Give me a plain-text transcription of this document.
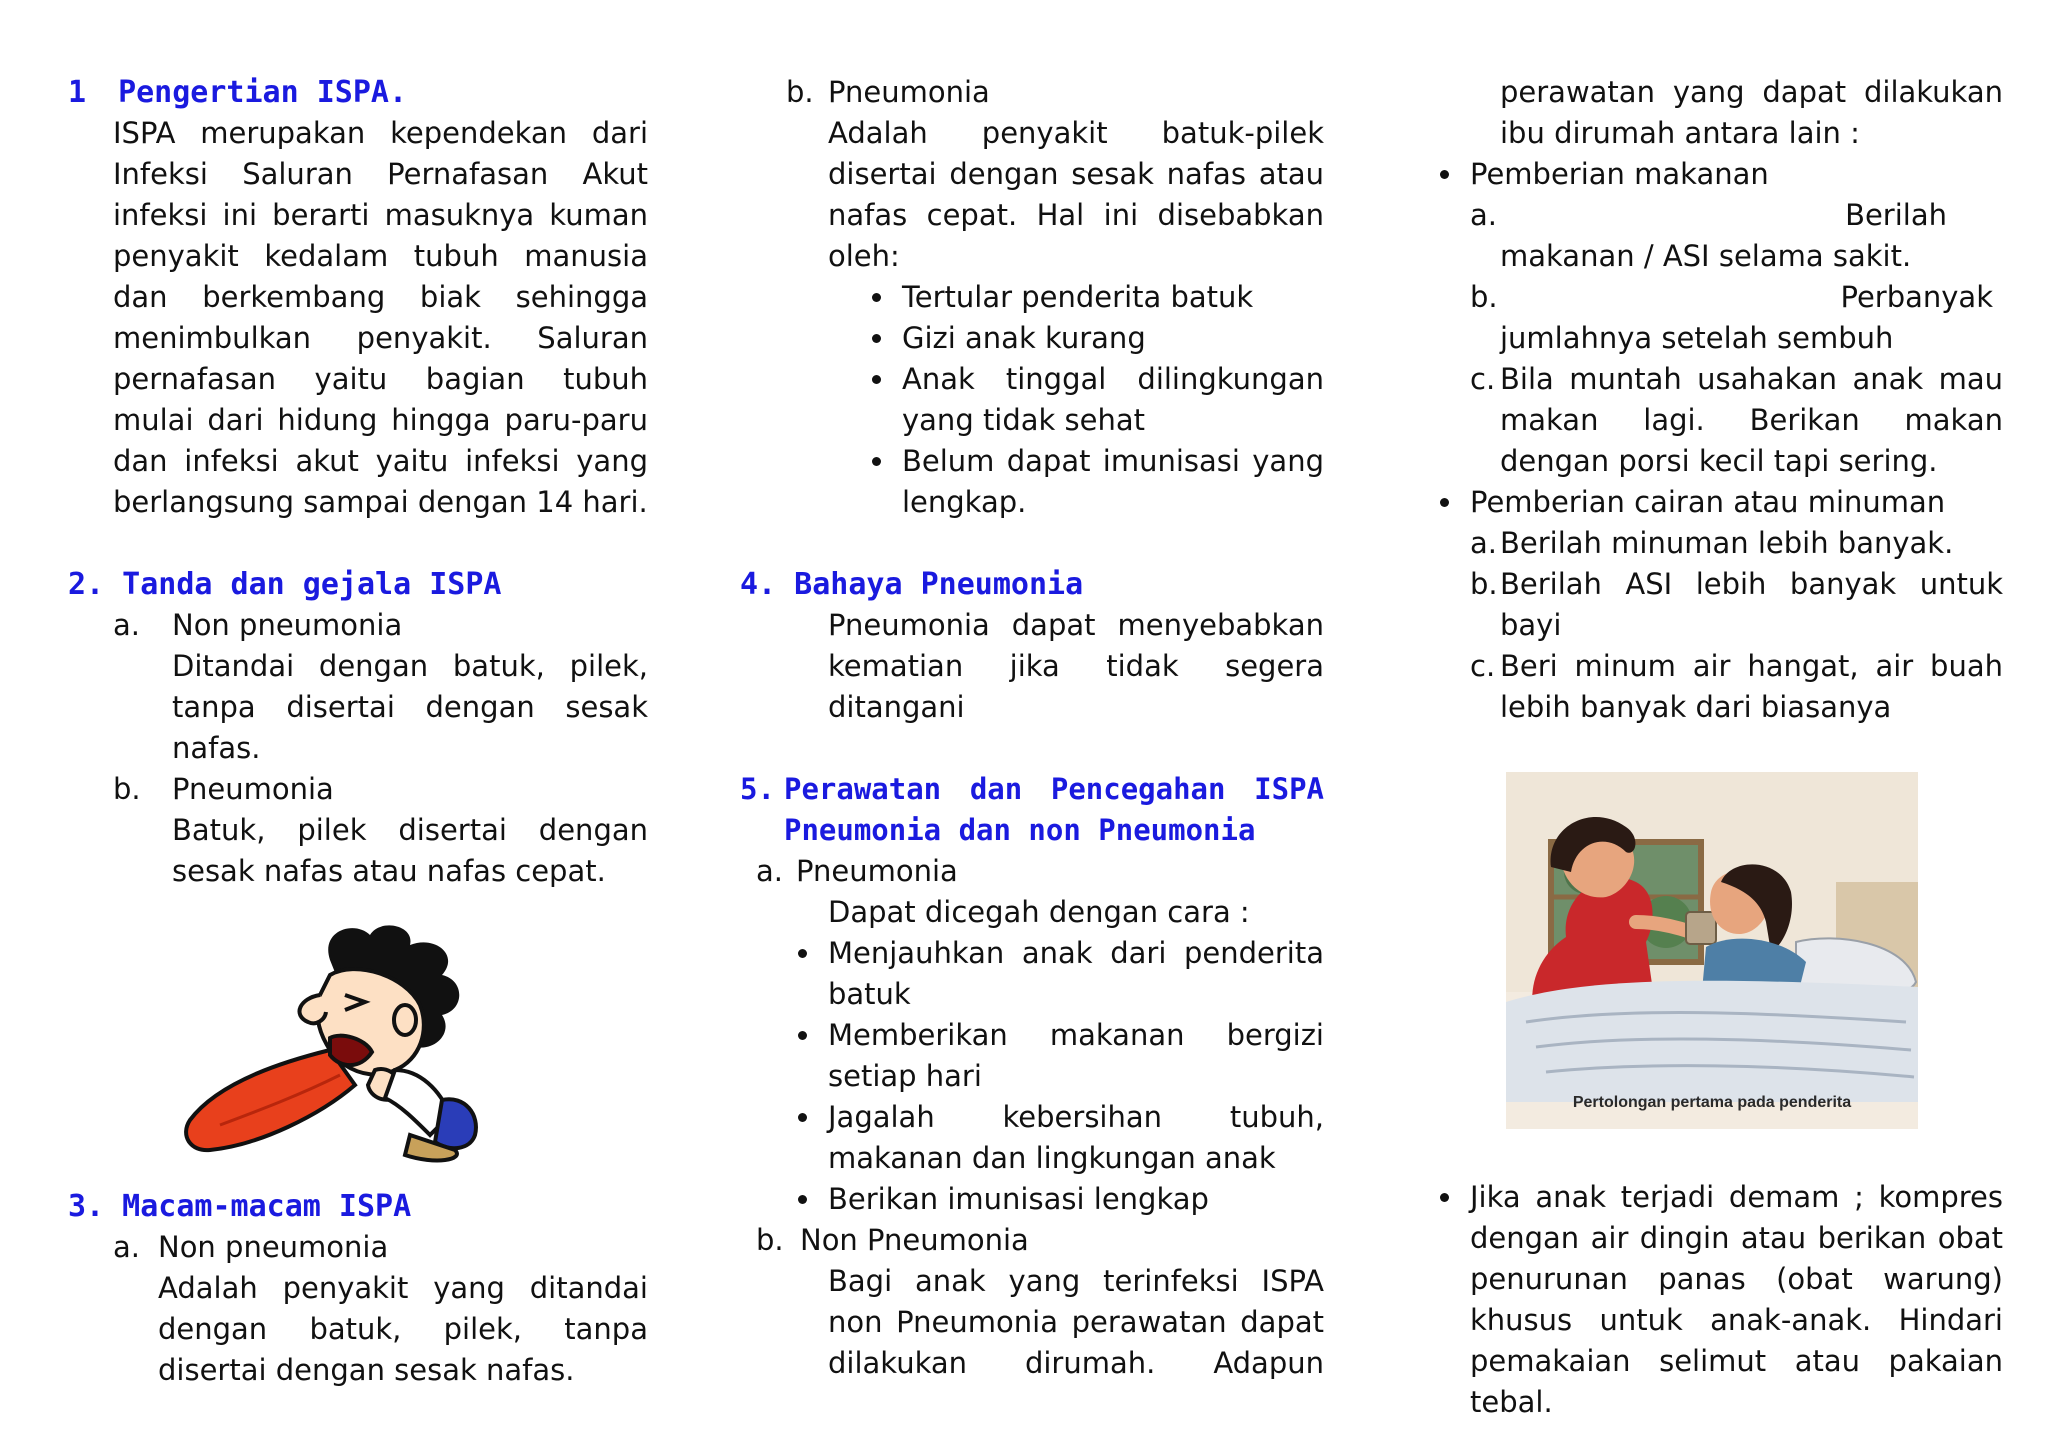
1 Pengertian ISPA.
ISPA merupakan kependekan dari Infeksi Saluran Pernafasan Akut infeksi ini berarti masuknya kuman penyakit kedalam tubuh manusia dan berkembang biak sehingga menimbulkan penyakit. Saluran pernafasan yaitu bagian tubuh mulai dari hidung hingga paru-paru dan infeksi akut yaitu infeksi yang berlangsung sampai dengan 14 hari.
2. Tanda dan gejala ISPA
a.	Non pneumonia
Ditandai dengan batuk, pilek, tanpa disertai dengan sesak nafas.
b.	Pneumonia
Batuk, pilek disertai dengan sesak nafas atau nafas cepat.
3. Macam-macam ISPA
a. Non pneumonia
Adalah penyakit yang ditandai dengan batuk, pilek, tanpa disertai dengan sesak nafas.
b. Pneumonia
Adalah penyakit batuk-pilek disertai dengan sesak nafas atau nafas cepat. Hal ini disebabkan oleh:
Tertular penderita batuk
Gizi anak kurang
Anak tinggal dilingkungan yang tidak sehat
Belum dapat imunisasi yang lengkap.
4. Bahaya Pneumonia
Pneumonia dapat menyebabkan kematian jika tidak segera ditangani
5. Perawatan dan Pencegahan ISPA Pneumonia dan non Pneumonia
a. Pneumonia
Dapat dicegah dengan cara :
Menjauhkan anak dari penderita batuk
Memberikan makanan bergizi setiap hari
Jagalah kebersihan tubuh, makanan dan lingkungan anak
Berikan imunisasi lengkap
b. Non Pneumonia
Bagi anak yang terinfeksi ISPA non Pneumonia perawatan dapat dilakukan dirumah. Adapun
perawatan yang dapat dilakukan ibu dirumah antara lain :
Pemberian makanan
a.	Berilah
makanan / ASI selama sakit.
b.	Perbanyak
jumlahnya setelah sembuh
c. Bila muntah usahakan anak mau makan lagi. Berikan makan dengan porsi kecil tapi sering.
Pemberian cairan atau minuman
a. Berilah minuman lebih banyak.
b. Berilah ASI lebih banyak untuk bayi
c. Beri minum air hangat, air buah lebih banyak dari biasanya
Pertolongan pertama pada penderita
Jika anak terjadi demam ; kompres dengan air dingin atau berikan obat penurunan panas (obat warung) khusus untuk anak-anak. Hindari pemakaian selimut atau pakaian tebal.
